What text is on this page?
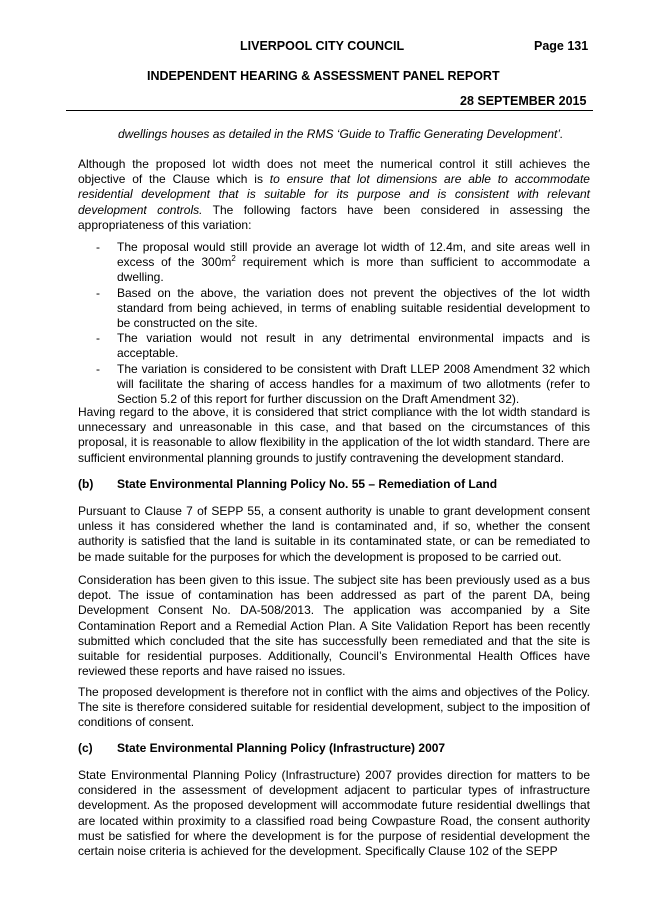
LIVERPOOL CITY COUNCIL	Page 131
INDEPENDENT HEARING & ASSESSMENT PANEL REPORT
28 SEPTEMBER 2015

dwellings houses as detailed in the RMS ‘Guide to Traffic Generating Development’.

Although the proposed lot width does not meet the numerical control it still achieves the objective of the Clause which is to ensure that lot dimensions are able to accommodate residential development that is suitable for its purpose and is consistent with relevant development controls. The following factors have been considered in assessing the appropriateness of this variation:

- The proposal would still provide an average lot width of 12.4m, and site areas well in excess of the $300m^2$ requirement which is more than sufficient to accommodate a dwelling.
- Based on the above, the variation does not prevent the objectives of the lot width standard from being achieved, in terms of enabling suitable residential development to be constructed on the site.
- The variation would not result in any detrimental environmental impacts and is acceptable.
- The variation is considered to be consistent with Draft LLEP 2008 Amendment 32 which will facilitate the sharing of access handles for a maximum of two allotments (refer to Section 5.2 of this report for further discussion on the Draft Amendment 32).

Having regard to the above, it is considered that strict compliance with the lot width standard is unnecessary and unreasonable in this case, and that based on the circumstances of this proposal, it is reasonable to allow flexibility in the application of the lot width standard. There are sufficient environmental planning grounds to justify contravening the development standard.

(b) State Environmental Planning Policy No. 55 – Remediation of Land

Pursuant to Clause 7 of SEPP 55, a consent authority is unable to grant development consent unless it has considered whether the land is contaminated and, if so, whether the consent authority is satisfied that the land is suitable in its contaminated state, or can be remediated to be made suitable for the purposes for which the development is proposed to be carried out.

Consideration has been given to this issue. The subject site has been previously used as a bus depot. The issue of contamination has been addressed as part of the parent DA, being Development Consent No. DA-508/2013. The application was accompanied by a Site Contamination Report and a Remedial Action Plan. A Site Validation Report has been recently submitted which concluded that the site has successfully been remediated and that the site is suitable for residential purposes. Additionally, Council’s Environmental Health Offices have reviewed these reports and have raised no issues.

The proposed development is therefore not in conflict with the aims and objectives of the Policy. The site is therefore considered suitable for residential development, subject to the imposition of conditions of consent.

(c) State Environmental Planning Policy (Infrastructure) 2007

State Environmental Planning Policy (Infrastructure) 2007 provides direction for matters to be considered in the assessment of development adjacent to particular types of infrastructure development. As the proposed development will accommodate future residential dwellings that are located within proximity to a classified road being Cowpasture Road, the consent authority must be satisfied for where the development is for the purpose of residential development the certain noise criteria is achieved for the development. Specifically Clause 102 of the SEPP
